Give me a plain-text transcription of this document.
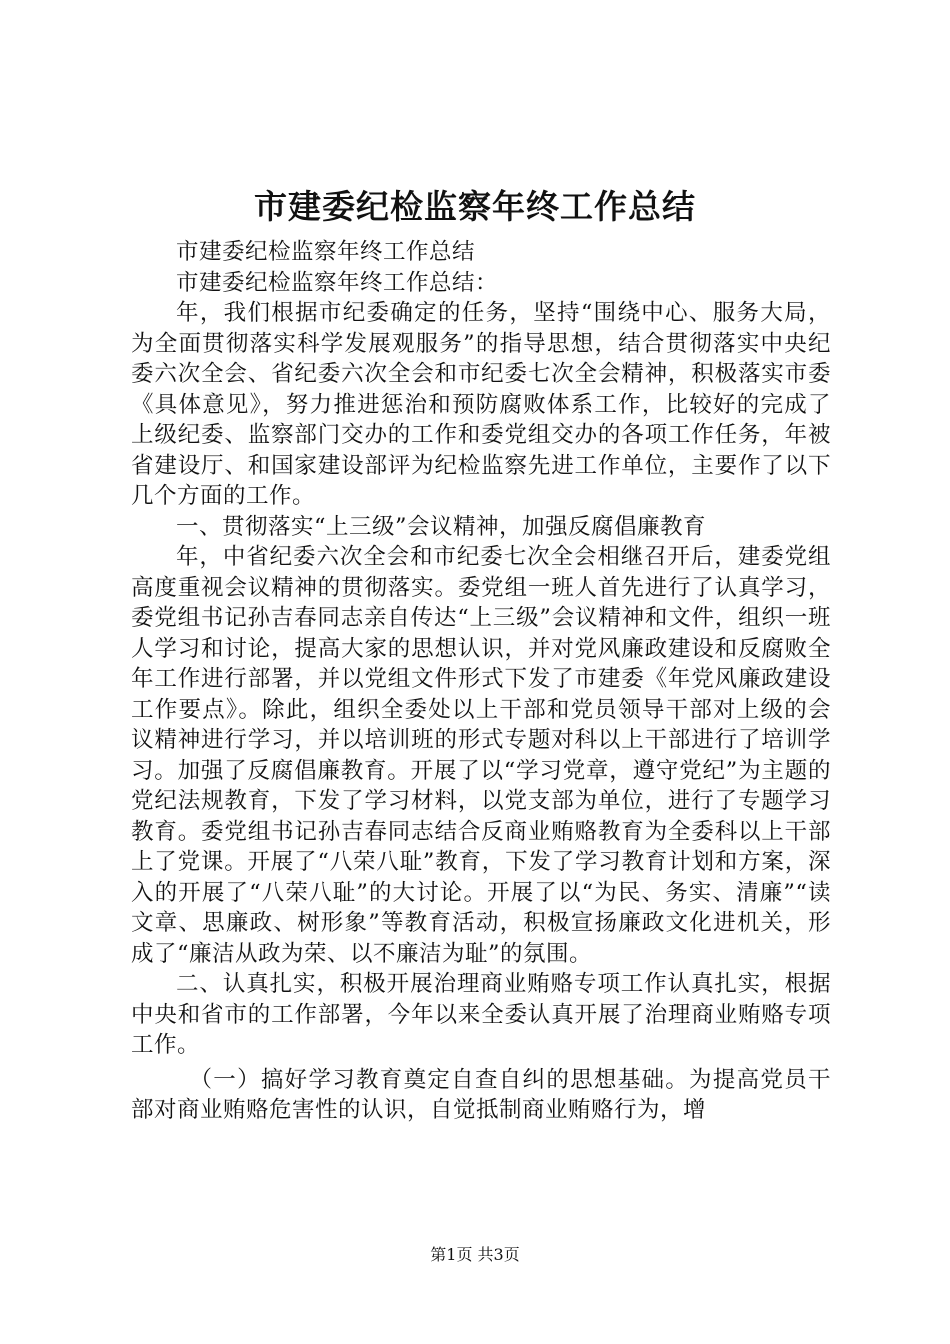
市建委纪检监察年终工作总结

市建委纪检监察年终工作总结

市建委纪检监察年终工作总结：

年，我们根据市纪委确定的任务，坚持“围绕中心、服务大局，为全面贯彻落实科学发展观服务”的指导思想，结合贯彻落实中央纪委六次全会、省纪委六次全会和市纪委七次全会精神，积极落实市委《具体意见》，努力推进惩治和预防腐败体系工作，比较好的完成了上级纪委、监察部门交办的工作和委党组交办的各项工作任务，年被省建设厅、和国家建设部评为纪检监察先进工作单位，主要作了以下几个方面的工作。

一、贯彻落实“上三级”会议精神，加强反腐倡廉教育

年，中省纪委六次全会和市纪委七次全会相继召开后，建委党组高度重视会议精神的贯彻落实。委党组一班人首先进行了认真学习，委党组书记孙吉春同志亲自传达“上三级”会议精神和文件，组织一班人学习和讨论，提高大家的思想认识，并对党风廉政建设和反腐败全年工作进行部署，并以党组文件形式下发了市建委《年党风廉政建设工作要点》。除此，组织全委处以上干部和党员领导干部对上级的会议精神进行学习，并以培训班的形式专题对科以上干部进行了培训学习。加强了反腐倡廉教育。开展了以“学习党章，遵守党纪”为主题的党纪法规教育，下发了学习材料，以党支部为单位，进行了专题学习教育。委党组书记孙吉春同志结合反商业贿赂教育为全委科以上干部上了党课。开展了“八荣八耻”教育，下发了学习教育计划和方案，深入的开展了“八荣八耻”的大讨论。开展了以“为民、务实、清廉”“读文章、思廉政、树形象”等教育活动，积极宣扬廉政文化进机关，形成了“廉洁从政为荣、以不廉洁为耻”的氛围。

二、认真扎实，积极开展治理商业贿赂专项工作认真扎实，根据中央和省市的工作部署，今年以来全委认真开展了治理商业贿赂专项工作。

（一）搞好学习教育奠定自查自纠的思想基础。为提高党员干部对商业贿赂危害性的认识，自觉抵制商业贿赂行为，增

第1页 共3页
